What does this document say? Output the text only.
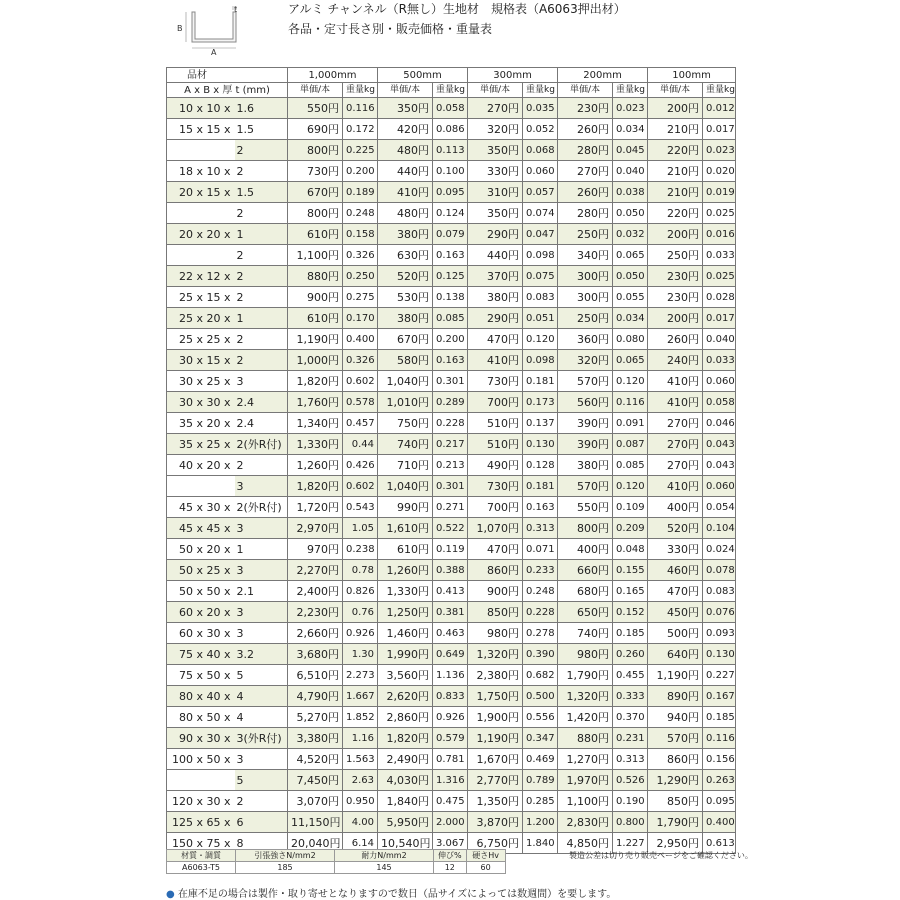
t
B
A
アルミ チャンネル（R無し）生地材　規格表（A6063押出材）
各品・定寸長さ別・販売価格・重量表
品材		1,000mm		500mm		300mm		200mm		100mm	
A x B x 厚 t (mm)		単価/本	重量kg	単価/本	重量kg	単価/本	重量kg	単価/本	重量kg	単価/本	重量kg
10 x 10 x	1.6	550円	0.116	350円	0.058	270円	0.035	230円	0.023	200円	0.012
15 x 15 x	1.5	690円	0.172	420円	0.086	320円	0.052	260円	0.034	210円	0.017
	2	800円	0.225	480円	0.113	350円	0.068	280円	0.045	220円	0.023
18 x 10 x	2	730円	0.200	440円	0.100	330円	0.060	270円	0.040	210円	0.020
20 x 15 x	1.5	670円	0.189	410円	0.095	310円	0.057	260円	0.038	210円	0.019
	2	800円	0.248	480円	0.124	350円	0.074	280円	0.050	220円	0.025
20 x 20 x	1	610円	0.158	380円	0.079	290円	0.047	250円	0.032	200円	0.016
	2	1,100円	0.326	630円	0.163	440円	0.098	340円	0.065	250円	0.033
22 x 12 x	2	880円	0.250	520円	0.125	370円	0.075	300円	0.050	230円	0.025
25 x 15 x	2	900円	0.275	530円	0.138	380円	0.083	300円	0.055	230円	0.028
25 x 20 x	1	610円	0.170	380円	0.085	290円	0.051	250円	0.034	200円	0.017
25 x 25 x	2	1,190円	0.400	670円	0.200	470円	0.120	360円	0.080	260円	0.040
30 x 15 x	2	1,000円	0.326	580円	0.163	410円	0.098	320円	0.065	240円	0.033
30 x 25 x	3	1,820円	0.602	1,040円	0.301	730円	0.181	570円	0.120	410円	0.060
30 x 30 x	2.4	1,760円	0.578	1,010円	0.289	700円	0.173	560円	0.116	410円	0.058
35 x 20 x	2.4	1,340円	0.457	750円	0.228	510円	0.137	390円	0.091	270円	0.046
35 x 25 x	2(外R付)	1,330円	0.44	740円	0.217	510円	0.130	390円	0.087	270円	0.043
40 x 20 x	2	1,260円	0.426	710円	0.213	490円	0.128	380円	0.085	270円	0.043
	3	1,820円	0.602	1,040円	0.301	730円	0.181	570円	0.120	410円	0.060
45 x 30 x	2(外R付)	1,720円	0.543	990円	0.271	700円	0.163	550円	0.109	400円	0.054
45 x 45 x	3	2,970円	1.05	1,610円	0.522	1,070円	0.313	800円	0.209	520円	0.104
50 x 20 x	1	970円	0.238	610円	0.119	470円	0.071	400円	0.048	330円	0.024
50 x 25 x	3	2,270円	0.78	1,260円	0.388	860円	0.233	660円	0.155	460円	0.078
50 x 50 x	2.1	2,400円	0.826	1,330円	0.413	900円	0.248	680円	0.165	470円	0.083
60 x 20 x	3	2,230円	0.76	1,250円	0.381	850円	0.228	650円	0.152	450円	0.076
60 x 30 x	3	2,660円	0.926	1,460円	0.463	980円	0.278	740円	0.185	500円	0.093
75 x 40 x	3.2	3,680円	1.30	1,990円	0.649	1,320円	0.390	980円	0.260	640円	0.130
75 x 50 x	5	6,510円	2.273	3,560円	1.136	2,380円	0.682	1,790円	0.455	1,190円	0.227
80 x 40 x	4	4,790円	1.667	2,620円	0.833	1,750円	0.500	1,320円	0.333	890円	0.167
80 x 50 x	4	5,270円	1.852	2,860円	0.926	1,900円	0.556	1,420円	0.370	940円	0.185
90 x 30 x	3(外R付)	3,380円	1.16	1,820円	0.579	1,190円	0.347	880円	0.231	570円	0.116
100 x 50 x	3	4,520円	1.563	2,490円	0.781	1,670円	0.469	1,270円	0.313	860円	0.156
	5	7,450円	2.63	4,030円	1.316	2,770円	0.789	1,970円	0.526	1,290円	0.263
120 x 30 x	2	3,070円	0.950	1,840円	0.475	1,350円	0.285	1,100円	0.190	850円	0.095
125 x 65 x	6	11,150円	4.00	5,950円	2.000	3,870円	1.200	2,830円	0.800	1,790円	0.400
150 x 75 x	8	20,040円	6.14	10,540円	3.067	6,750円	1.840	4,850円	1.227	2,950円	0.613
材質・調質	引張強さN/mm2	耐力N/mm2	伸び%	硬さHv
A6063-T5	185	145	12	60
製造公差は切り売り販売ページをご確認ください。
● 在庫不足の場合は製作・取り寄せとなりますので数日（品サイズによっては数週間）を要します。
